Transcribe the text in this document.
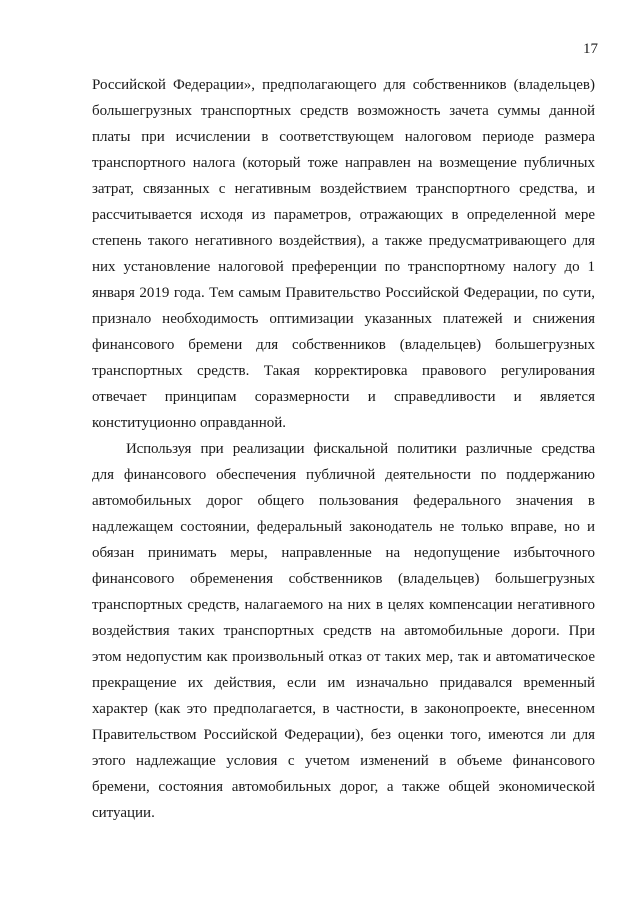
17

Российской Федерации», предполагающего для собственников (владельцев)
большегрузных транспортных средств возможность зачета суммы данной
платы при исчислении в соответствующем налоговом периоде размера
транспортного налога (который тоже направлен на возмещение публичных
затрат, связанных с негативным воздействием транспортного средства, и
рассчитывается исходя из параметров, отражающих в определенной мере
степень такого негативного воздействия), а также предусматривающего для
них установление налоговой преференции по транспортному налогу до 1
января 2019 года. Тем самым Правительство Российской Федерации, по сути,
признало необходимость оптимизации указанных платежей и снижения
финансового бремени для собственников (владельцев) большегрузных
транспортных средств. Такая корректировка правового регулирования
отвечает принципам соразмерности и справедливости и является
конституционно оправданной.

Используя при реализации фискальной политики различные средства
для финансового обеспечения публичной деятельности по поддержанию
автомобильных дорог общего пользования федерального значения в
надлежащем состоянии, федеральный законодатель не только вправе, но и
обязан принимать меры, направленные на недопущение избыточного
финансового обременения собственников (владельцев) большегрузных
транспортных средств, налагаемого на них в целях компенсации негативного
воздействия таких транспортных средств на автомобильные дороги. При
этом недопустим как произвольный отказ от таких мер, так и автоматическое
прекращение их действия, если им изначально придавался временный
характер (как это предполагается, в частности, в законопроекте, внесенном
Правительством Российской Федерации), без оценки того, имеются ли для
этого надлежащие условия с учетом изменений в объеме финансового
бремени, состояния автомобильных дорог, а также общей экономической
ситуации.
